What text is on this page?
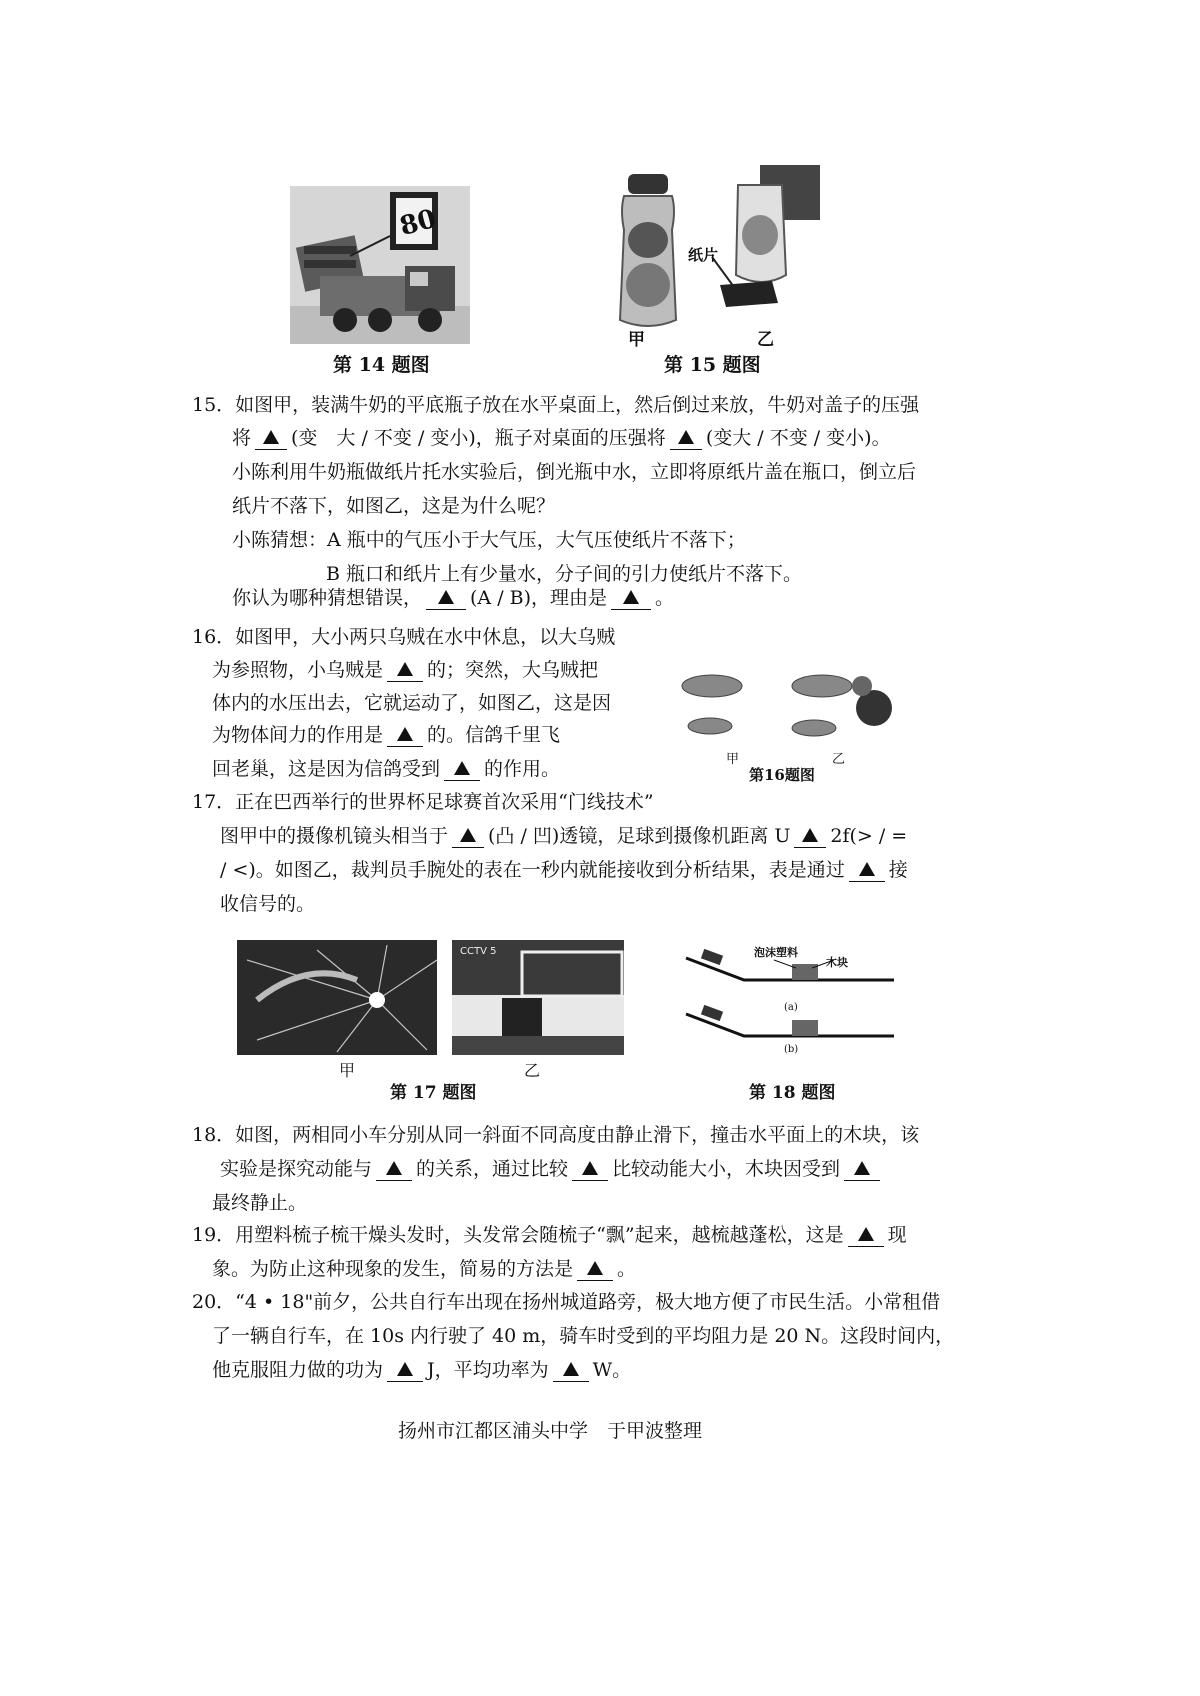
80
第 14 题图
纸片
甲	乙
第 15 题图
15．如图甲，装满牛奶的平底瓶子放在水平桌面上，然后倒过来放，牛奶对盖子的压强
将 (变　大 / 不变 / 变小)，瓶子对桌面的压强将 (变大 / 不变 / 变小)。
小陈利用牛奶瓶做纸片托水实验后，倒光瓶中水，立即将原纸片盖在瓶口，倒立后
纸片不落下，如图乙，这是为什么呢？
小陈猜想：A 瓶中的气压小于大气压，大气压使纸片不落下；
B 瓶口和纸片上有少量水，分子间的引力使纸片不落下。
你认为哪种猜想错误，	(A / B)，理由是	。
16．如图甲，大小两只乌贼在水中休息，以大乌贼
为参照物，小乌贼是 的；突然，大乌贼把
体内的水压出去，它就运动了，如图乙，这是因
为物体间力的作用是 的。信鸽千里飞
回老巢，这是因为信鸽受到 的作用。	甲	乙
第16题图
17．正在巴西举行的世界杯足球赛首次采用“门线技术”
图甲中的摄像机镜头相当于 (凸 / 凹)透镜，足球到摄像机距离 U 2f(> / =
/ <)。如图乙，裁判员手腕处的表在一秒内就能接收到分析结果，表是通过 接
收信号的。
CCTV 5
甲	乙
第 17 题图
泡沫塑料
木块
(a)
(b)
第 18 题图
18．如图，两相同小车分别从同一斜面不同高度由静止滑下，撞击水平面上的木块，该
实验是探究动能与 的关系，通过比较 比较动能大小，木块因受到
最终静止。
19．用塑料梳子梳干燥头发时，头发常会随梳子“飘”起来，越梳越蓬松，这是 现
象。为防止这种现象的发生，简易的方法是 。
20．“4 • 18"前夕，公共自行车出现在扬州城道路旁，极大地方便了市民生活。小常租借
了一辆自行车，在 10s 内行驶了 40 m，骑车时受到的平均阻力是 20 N。这段时间内，
他克服阻力做的功为 J，平均功率为 W。
扬州市江都区浦头中学　于甲波整理
